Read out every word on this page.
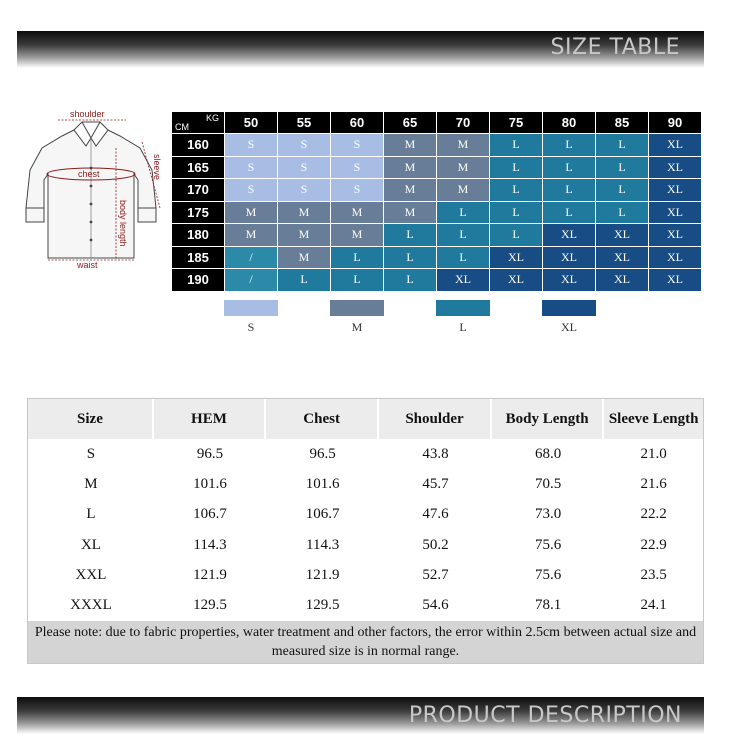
SIZE TABLE
shoulder
chest
body length
sleeve
waist
KG
CM	50	55	60	65	70	75	80	85	90
160	S	S	S	M	M	L	L	L	XL
165	S	S	S	M	M	L	L	L	XL
170	S	S	S	M	M	L	L	L	XL
175	M	M	M	M	L	L	L	L	XL
180	M	M	M	L	L	L	XL	XL	XL
185	/	M	L	L	L	XL	XL	XL	XL
190	/	L	L	L	XL	XL	XL	XL	XL
S	M	L	XL
Size	HEM	Chest	Shoulder	Body Length	Sleeve Length
S	96.5	96.5	43.8	68.0	21.0
M	101.6	101.6	45.7	70.5	21.6
L	106.7	106.7	47.6	73.0	22.2
XL	114.3	114.3	50.2	75.6	22.9
XXL	121.9	121.9	52.7	75.6	23.5
XXXL	129.5	129.5	54.6	78.1	24.1
Please note: due to fabric properties, water treatment and other factors, the error within 2.5cm between actual size and measured size is in normal range.					
PRODUCT DESCRIPTION
